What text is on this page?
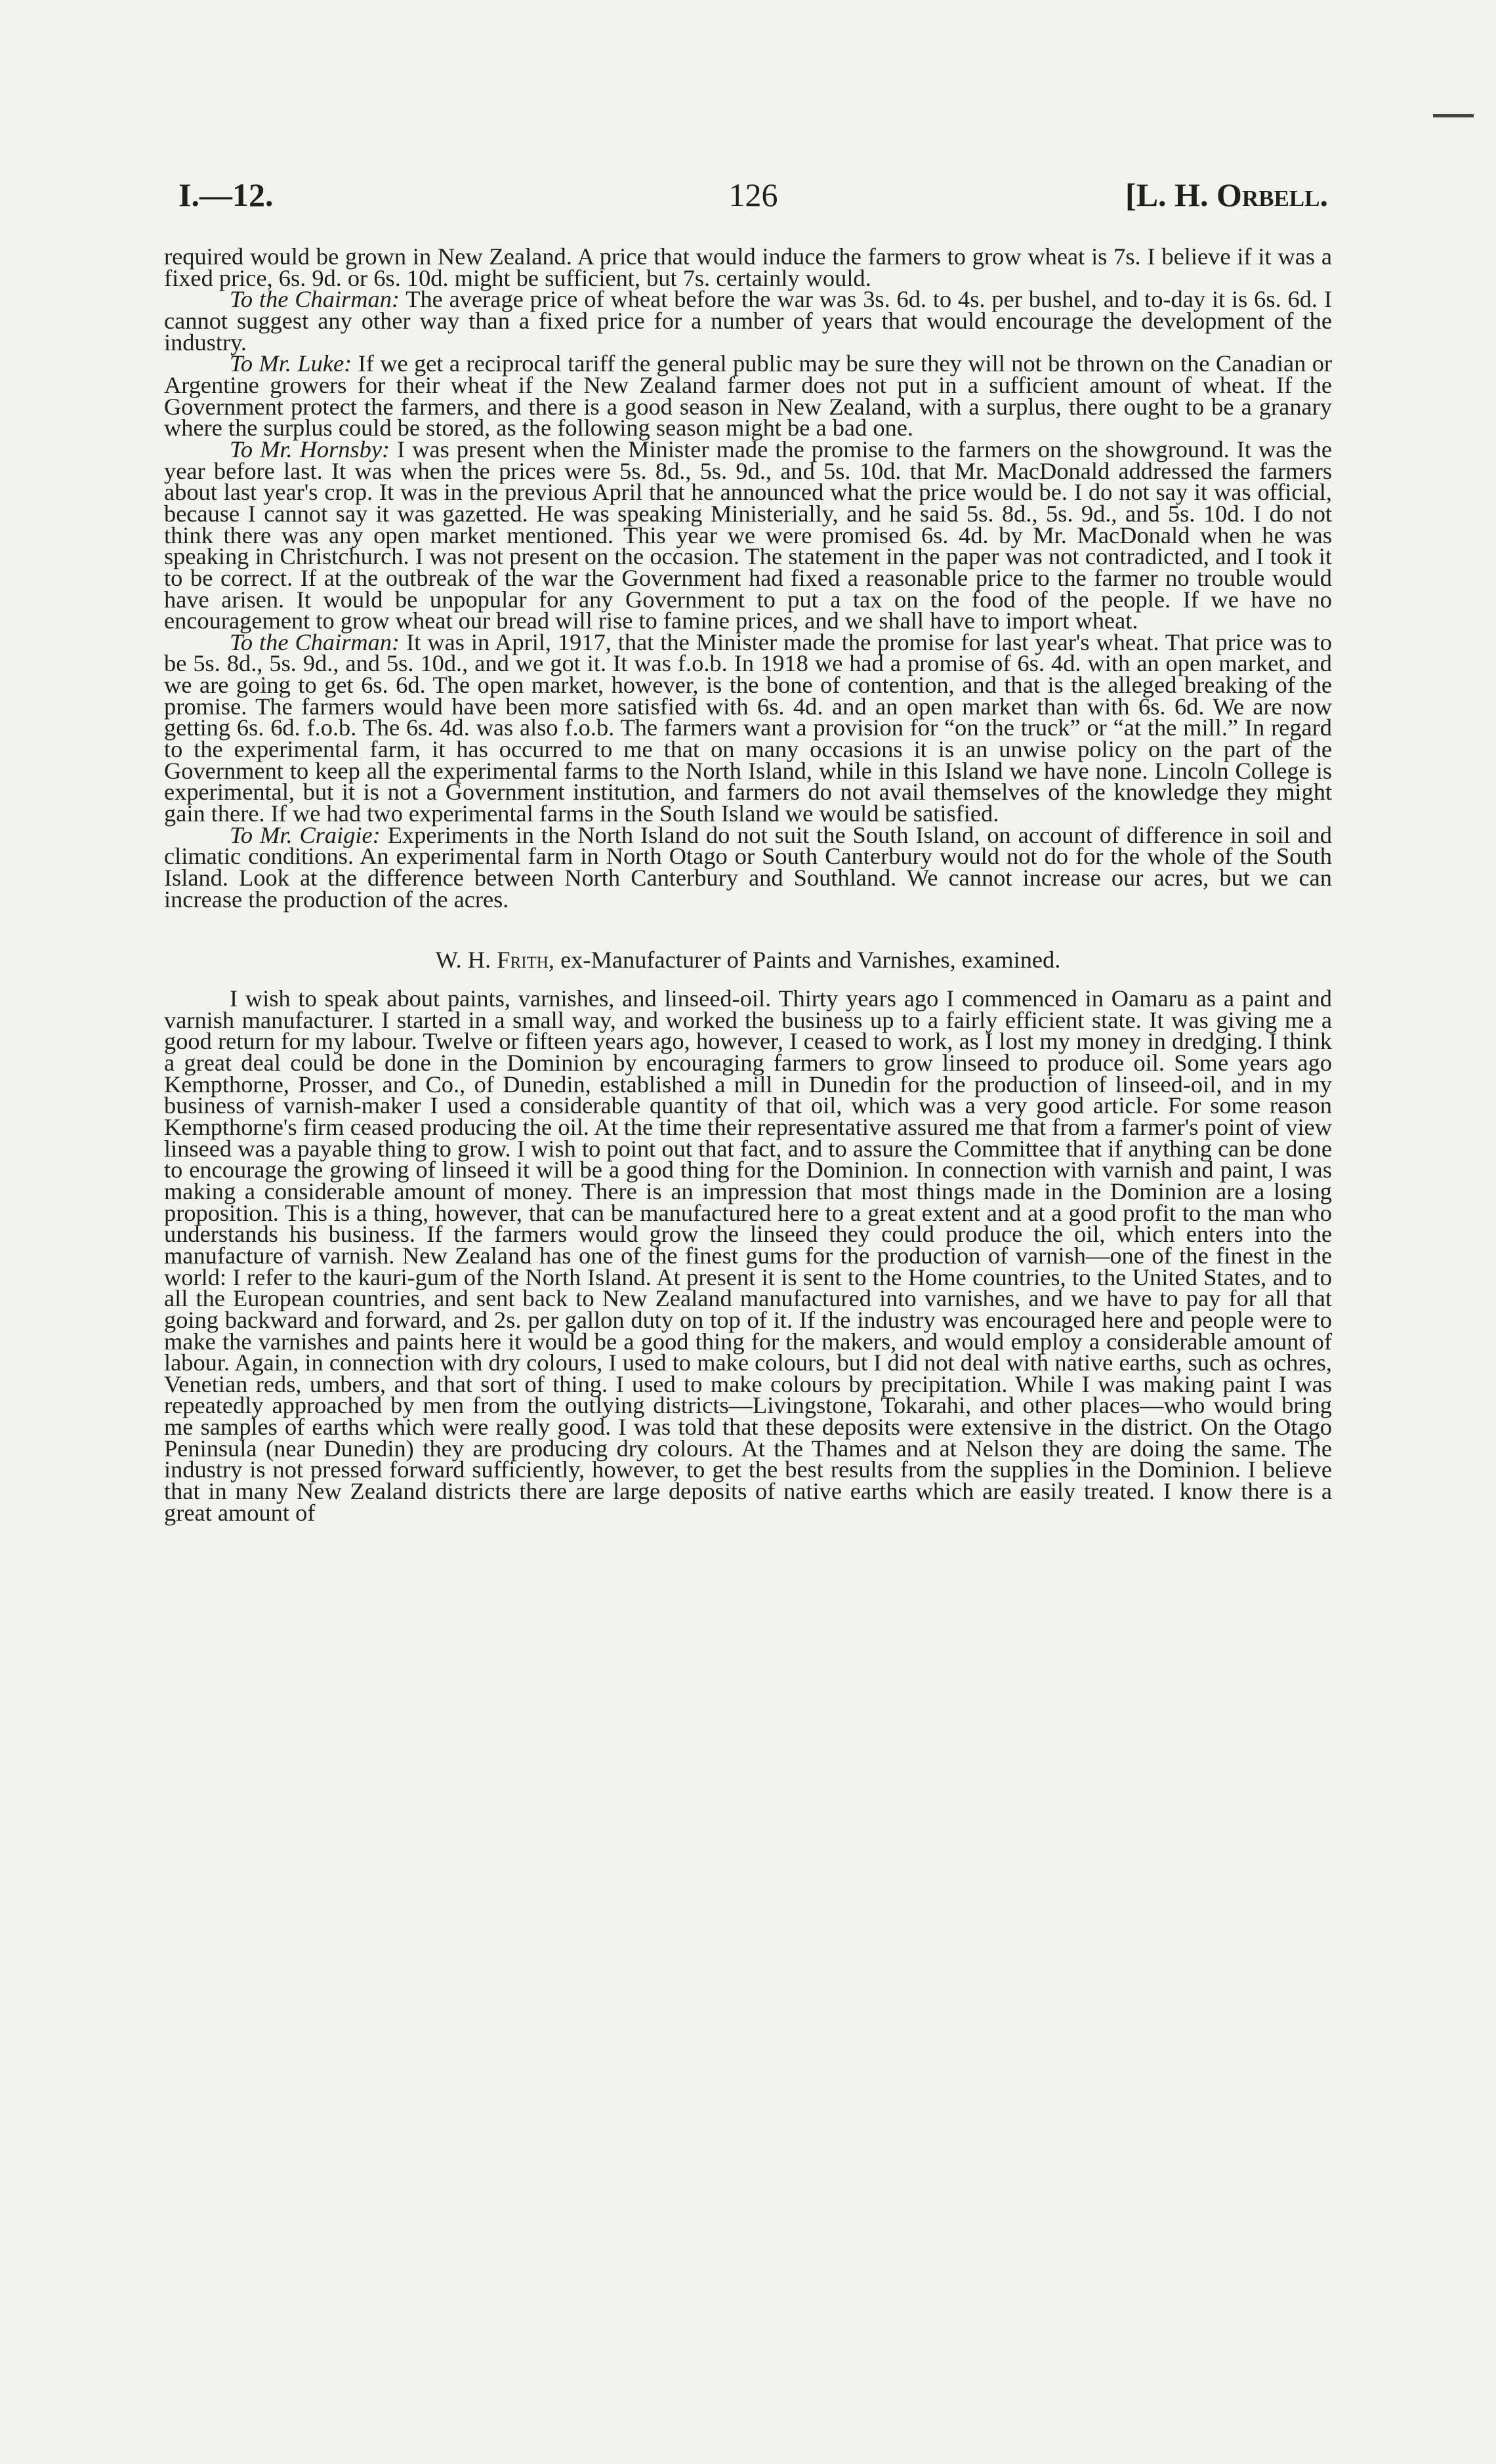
I.—12.	126	[L. H. Orbell.

required would be grown in New Zealand. A price that would induce the farmers to grow wheat is 7s. I believe if it was a fixed price, 6s. 9d. or 6s. 10d. might be sufficient, but 7s. certainly would.

To the Chairman: The average price of wheat before the war was 3s. 6d. to 4s. per bushel, and to-day it is 6s. 6d. I cannot suggest any other way than a fixed price for a number of years that would encourage the development of the industry.

To Mr. Luke: If we get a reciprocal tariff the general public may be sure they will not be thrown on the Canadian or Argentine growers for their wheat if the New Zealand farmer does not put in a sufficient amount of wheat. If the Government protect the farmers, and there is a good season in New Zealand, with a surplus, there ought to be a granary where the surplus could be stored, as the following season might be a bad one.

To Mr. Hornsby: I was present when the Minister made the promise to the farmers on the showground. It was the year before last. It was when the prices were 5s. 8d., 5s. 9d., and 5s. 10d. that Mr. MacDonald addressed the farmers about last year's crop. It was in the previous April that he announced what the price would be. I do not say it was official, because I cannot say it was gazetted. He was speaking Ministerially, and he said 5s. 8d., 5s. 9d., and 5s. 10d. I do not think there was any open market mentioned. This year we were promised 6s. 4d. by Mr. MacDonald when he was speaking in Christchurch. I was not present on the occasion. The statement in the paper was not contradicted, and I took it to be correct. If at the outbreak of the war the Government had fixed a reasonable price to the farmer no trouble would have arisen. It would be unpopular for any Government to put a tax on the food of the people. If we have no encouragement to grow wheat our bread will rise to famine prices, and we shall have to import wheat.

To the Chairman: It was in April, 1917, that the Minister made the promise for last year's wheat. That price was to be 5s. 8d., 5s. 9d., and 5s. 10d., and we got it. It was f.o.b. In 1918 we had a promise of 6s. 4d. with an open market, and we are going to get 6s. 6d. The open market, however, is the bone of contention, and that is the alleged breaking of the promise. The farmers would have been more satisfied with 6s. 4d. and an open market than with 6s. 6d. We are now getting 6s. 6d. f.o.b. The 6s. 4d. was also f.o.b. The farmers want a provision for “on the truck” or “at the mill.” In regard to the experimental farm, it has occurred to me that on many occasions it is an unwise policy on the part of the Government to keep all the experimental farms to the North Island, while in this Island we have none. Lincoln College is experimental, but it is not a Government institution, and farmers do not avail themselves of the knowledge they might gain there. If we had two experimental farms in the South Island we would be satisfied.

To Mr. Craigie: Experiments in the North Island do not suit the South Island, on account of difference in soil and climatic conditions. An experimental farm in North Otago or South Canterbury would not do for the whole of the South Island. Look at the difference between North Canterbury and Southland. We cannot increase our acres, but we can increase the production of the acres.

W. H. Frith, ex-Manufacturer of Paints and Varnishes, examined.

I wish to speak about paints, varnishes, and linseed-oil. Thirty years ago I commenced in Oamaru as a paint and varnish manufacturer. I started in a small way, and worked the business up to a fairly efficient state. It was giving me a good return for my labour. Twelve or fifteen years ago, however, I ceased to work, as I lost my money in dredging. I think a great deal could be done in the Dominion by encouraging farmers to grow linseed to produce oil. Some years ago Kempthorne, Prosser, and Co., of Dunedin, established a mill in Dunedin for the production of linseed-oil, and in my business of varnish-maker I used a considerable quantity of that oil, which was a very good article. For some reason Kempthorne's firm ceased producing the oil. At the time their representative assured me that from a farmer's point of view linseed was a payable thing to grow. I wish to point out that fact, and to assure the Committee that if anything can be done to encourage the growing of linseed it will be a good thing for the Dominion. In connection with varnish and paint, I was making a considerable amount of money. There is an impression that most things made in the Dominion are a losing proposition. This is a thing, however, that can be manufactured here to a great extent and at a good profit to the man who understands his business. If the farmers would grow the linseed they could produce the oil, which enters into the manufacture of varnish. New Zealand has one of the finest gums for the production of varnish—one of the finest in the world: I refer to the kauri-gum of the North Island. At present it is sent to the Home countries, to the United States, and to all the European countries, and sent back to New Zealand manufactured into varnishes, and we have to pay for all that going backward and forward, and 2s. per gallon duty on top of it. If the industry was encouraged here and people were to make the varnishes and paints here it would be a good thing for the makers, and would employ a considerable amount of labour. Again, in connection with dry colours, I used to make colours, but I did not deal with native earths, such as ochres, Venetian reds, umbers, and that sort of thing. I used to make colours by precipitation. While I was making paint I was repeatedly approached by men from the outlying districts—Livingstone, Tokarahi, and other places—who would bring me samples of earths which were really good. I was told that these deposits were extensive in the district. On the Otago Peninsula (near Dunedin) they are producing dry colours. At the Thames and at Nelson they are doing the same. The industry is not pressed forward sufficiently, however, to get the best results from the supplies in the Dominion. I believe that in many New Zealand districts there are large deposits of native earths which are easily treated. I know there is a great amount of
